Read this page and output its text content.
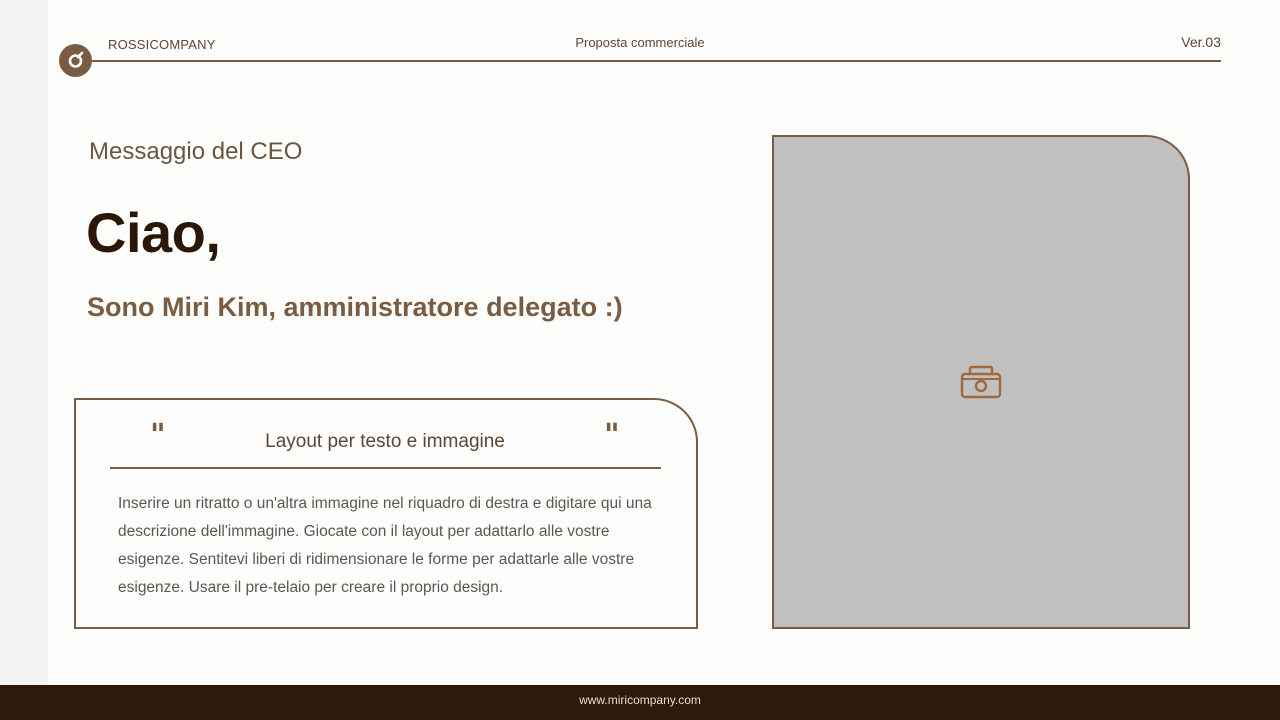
ROSSICOMPANY	Proposta commerciale	Ver.03
Messaggio del CEO
Ciao,
Sono Miri Kim, amministratore delegato :)
"	"
Layout per testo e immagine
Inserire un ritratto o un'altra immagine nel riquadro di destra e digitare qui una descrizione dell'immagine. Giocate con il layout per adattarlo alle vostre esigenze. Sentitevi liberi di ridimensionare le forme per adattarle alle vostre esigenze. Usare il pre-telaio per creare il proprio design.
www.miricompany.com
